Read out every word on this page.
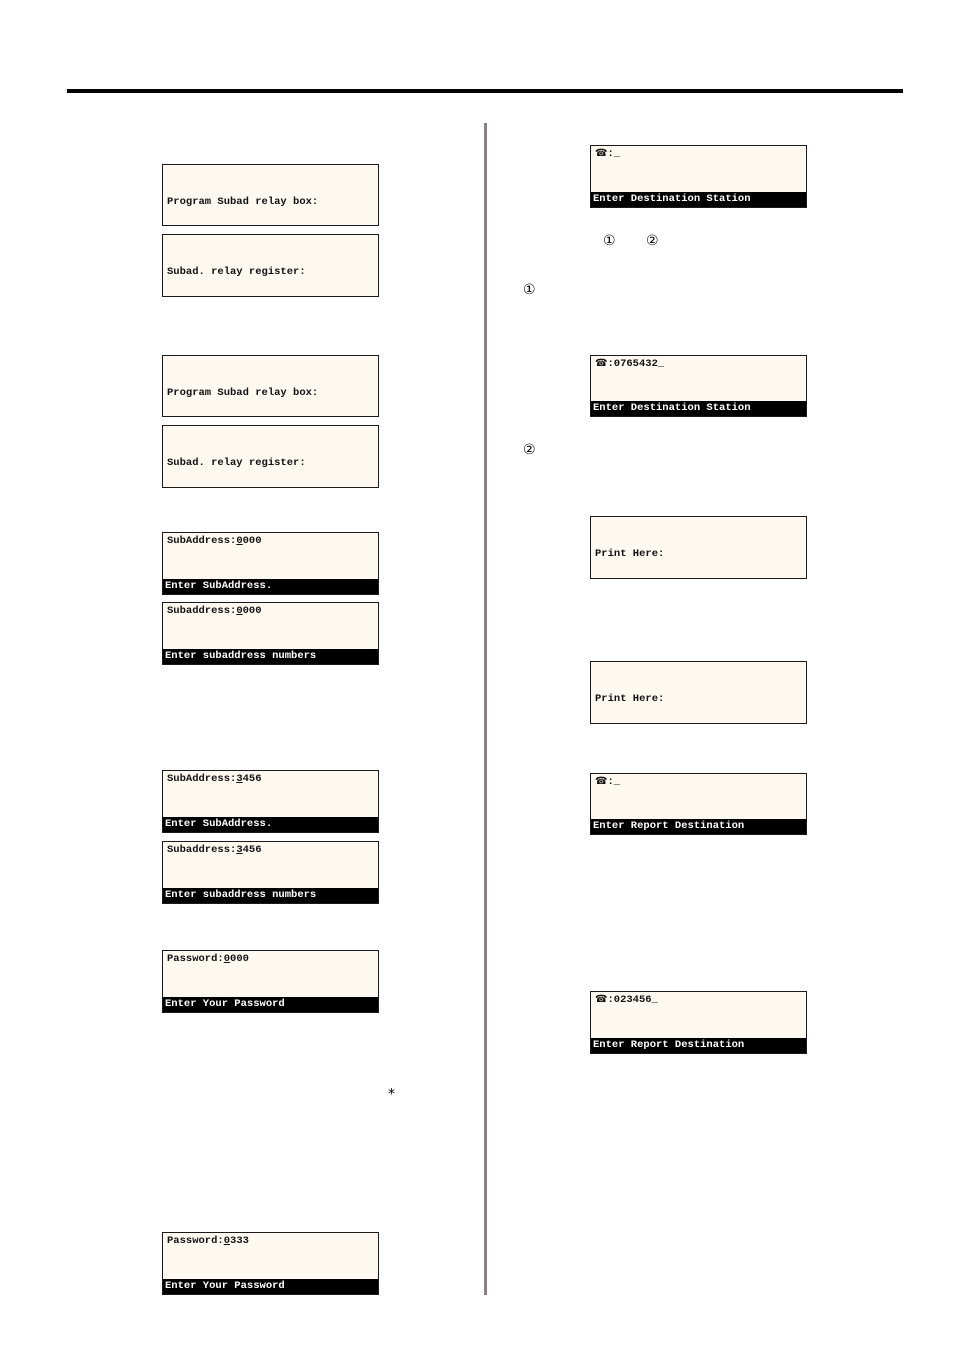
Program Subad relay box:

Subad. relay register:

Program Subad relay box:

Subad. relay register:

SubAddress:0000
Enter SubAddress.
Subaddress:0000
Enter subaddress numbers
SubAddress:3456
Enter SubAddress.
Subaddress:3456
Enter subaddress numbers
Password:0000
Enter Your Password
⁎
Password:0333
Enter Your Password
☎:_
Enter Destination Station
① ②
①
☎:0765432_
Enter Destination Station
②

Print Here:

Print Here:

☎:_
Enter Report Destination
☎:023456_
Enter Report Destination
